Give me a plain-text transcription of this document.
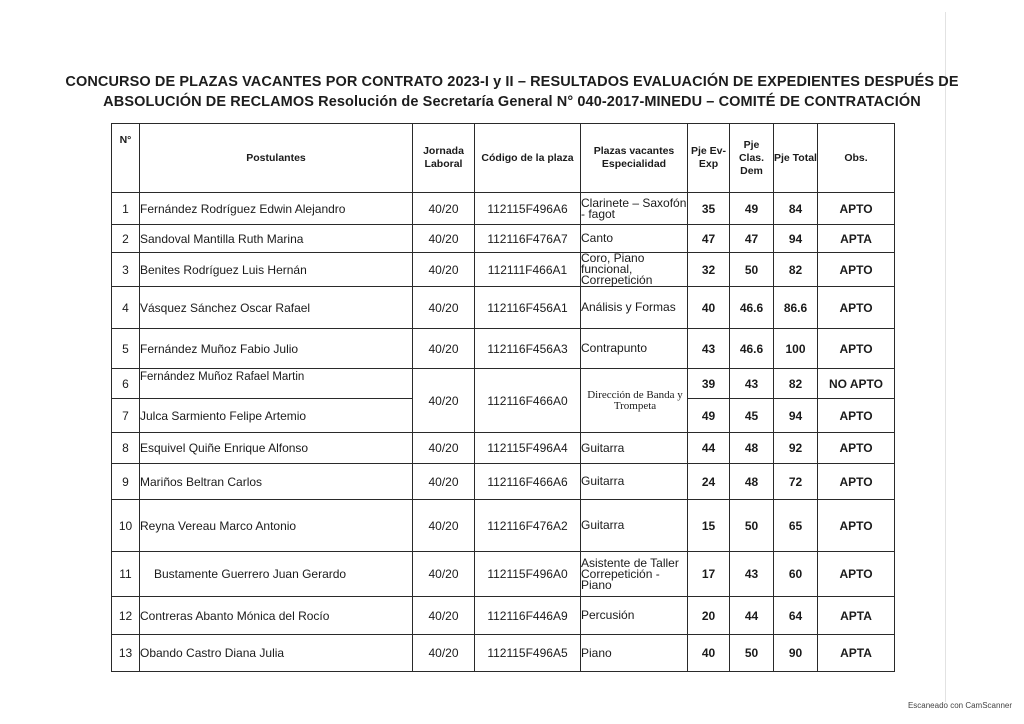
CONCURSO DE PLAZAS VACANTES POR CONTRATO 2023-I y II – RESULTADOS EVALUACIÓN DE EXPEDIENTES DESPUÉS DE
ABSOLUCIÓN DE RECLAMOS Resolución de Secretaría General N° 040-2017-MINEDU – COMITÉ DE CONTRATACIÓN
N°	Postulantes	Jornada Laboral	Código de la plaza	Plazas vacantes Especialidad	Pje Ev- Exp	Pje Clas. Dem	Pje Total	Obs.
1	Fernández Rodríguez Edwin Alejandro	40/20	112115F496A6	Clarinete – Saxofón - fagot	35	49	84	APTO
2	Sandoval Mantilla Ruth Marina	40/20	112116F476A7	Canto	47	47	94	APTA
3	Benites Rodríguez Luis Hernán	40/20	112111F466A1	Coro, Piano funcional, Correpetición	32	50	82	APTO
4	Vásquez Sánchez Oscar Rafael	40/20	112116F456A1	Análisis y Formas	40	46.6	86.6	APTO
5	Fernández Muñoz Fabio Julio	40/20	112116F456A3	Contrapunto	43	46.6	100	APTO
6	Fernández Muñoz Rafael Martin	40/20	112116F466A0	Dirección de Banda y Trompeta	39	43	82	NO APTO
7	Julca Sarmiento Felipe Artemio				49	45	94	APTO
8	Esquivel Quiñe Enrique Alfonso	40/20	112115F496A4	Guitarra	44	48	92	APTO
9	Mariños Beltran Carlos	40/20	112116F466A6	Guitarra	24	48	72	APTO
10	Reyna Vereau Marco Antonio	40/20	112116F476A2	Guitarra	15	50	65	APTO
11	Bustamente Guerrero Juan Gerardo	40/20	112115F496A0	Asistente de Taller Correpetición - Piano	17	43	60	APTO
12	Contreras Abanto Mónica del Rocío	40/20	112116F446A9	Percusión	20	44	64	APTA
13	Obando Castro Diana Julia	40/20	112115F496A5	Piano	40	50	90	APTA
Escaneado con CamScanner
